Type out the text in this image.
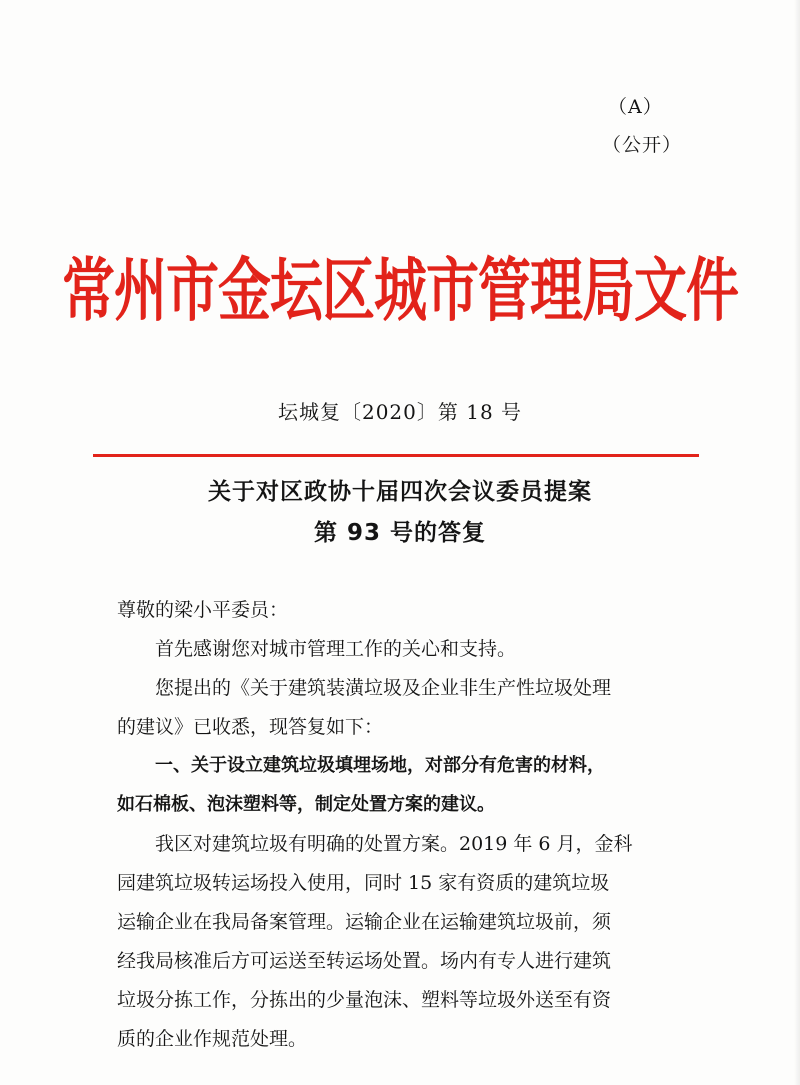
（A）
（公开）
常州市金坛区城市管理局文件
坛城复〔2020〕第 18 号
关于对区政协十届四次会议委员提案
第 93 号的答复
尊敬的梁小平委员：
首先感谢您对城市管理工作的关心和支持。
您提出的《关于建筑装潢垃圾及企业非生产性垃圾处理
的建议》已收悉，现答复如下：
一、关于设立建筑垃圾填埋场地，对部分有危害的材料，
如石棉板、泡沫塑料等，制定处置方案的建议。
我区对建筑垃圾有明确的处置方案。2019 年 6 月，金科
园建筑垃圾转运场投入使用，同时 15 家有资质的建筑垃圾
运输企业在我局备案管理。运输企业在运输建筑垃圾前，须
经我局核准后方可运送至转运场处置。场内有专人进行建筑
垃圾分拣工作，分拣出的少量泡沫、塑料等垃圾外送至有资
质的企业作规范处理。
